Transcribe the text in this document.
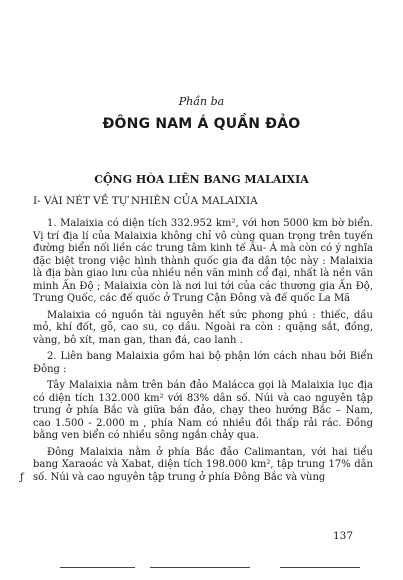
Phần ba
ĐÔNG NAM Á QUẦN ĐẢO
CỘNG HÒA LIÊN BANG MALAIXIA
I- VÀI NÉT VỀ TỰ NHIÊN CỦA MALAIXIA

1. Malaixia có diện tích 332.952 km², với hơn 5000 km bờ biển. Vị trí địa lí của Malaixia không chỉ vô cùng quan trọng trên tuyến đường biển nối liền các trung tâm kinh tế Âu- Á mà còn có ý nghĩa đặc biệt trong việc hình thành quốc gia đa dân tộc này : Malaixia là địa bàn giao lưu của nhiều nền văn minh cổ đại, nhất là nền văn minh Ấn Độ ; Malaixia còn là nơi lui tới của các thương gia Ấn Độ, Trung Quốc, các đế quốc ở Trung Cận Đông và đế quốc La Mã

Malaixia có nguồn tài nguyên hết sức phong phú : thiếc, dầu mỏ, khí đốt, gỗ, cao su, cọ dầu. Ngoài ra còn : quặng sắt, đồng, vàng, bô xít, man gan, than đá, cao lanh .

2. Liên bang Malaixia gồm hai bộ phận lớn cách nhau bởi Biển Đông :

Tây Malaixia nằm trên bán đảo Malácca gọi là Malaixia lục địa có diện tích 132.000 km² với 83% dân số. Núi và cao nguyên tập trung ở phía Bắc và giữa bán đảo, chạy theo hướng Bắc – Nam, cao 1.500 - 2.000 m , phía Nam có nhiều đồi thấp rải rác. Đồng bằng ven biển có nhiều sông ngắn chảy qua.

Đông Malaixia nằm ở phía Bắc đảo Calimantan, với hai tiểu bang Xaraoác và Xabat, diện tích 198.000 km², tập trung 17% dân số. Núi và cao nguyên tập trung ở phía Đông Bắc và vùng

ƒ
137
